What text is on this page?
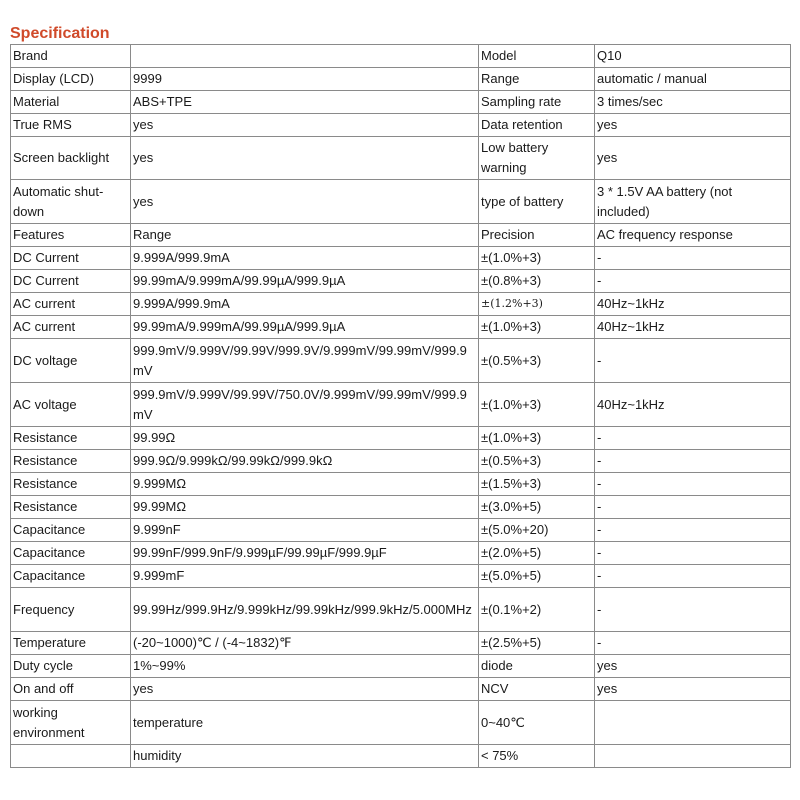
Specification
Brand		Model	Q10
Display (LCD)	9999	Range	automatic / manual
Material	ABS+TPE	Sampling rate	3 times/sec
True RMS	yes	Data retention	yes
Screen backlight	yes	Low battery warning	yes
Automatic shut-down	yes	type of battery	3 * 1.5V AA battery (not included)
Features	Range	Precision	AC frequency response
DC Current	9.999A/999.9mA	±(1.0%+3)	-
DC Current	99.99mA/9.999mA/99.99µA/999.9µA	±(0.8%+3)	-
AC current	9.999A/999.9mA	±(1.2%+3)	40Hz~1kHz
AC current	99.99mA/9.999mA/99.99µA/999.9µA	±(1.0%+3)	40Hz~1kHz
DC voltage	999.9mV/9.999V/99.99V/999.9V/9.999mV/99.99mV/999.9mV	±(0.5%+3)	-
AC voltage	999.9mV/9.999V/99.99V/750.0V/9.999mV/99.99mV/999.9mV	±(1.0%+3)	40Hz~1kHz
Resistance	99.99Ω	±(1.0%+3)	-
Resistance	999.9Ω/9.999kΩ/99.99kΩ/999.9kΩ	±(0.5%+3)	-
Resistance	9.999MΩ	±(1.5%+3)	-
Resistance	99.99MΩ	±(3.0%+5)	-
Capacitance	9.999nF	±(5.0%+20)	-
Capacitance	99.99nF/999.9nF/9.999µF/99.99µF/999.9µF	±(2.0%+5)	-
Capacitance	9.999mF	±(5.0%+5)	-
Frequency	99.99Hz/999.9Hz/9.999kHz/99.99kHz/999.9kHz/5.000MHz	±(0.1%+2)	-
Temperature	(-20~1000)℃ / (-4~1832)℉	±(2.5%+5)	-
Duty cycle	1%~99%	diode	yes
On and off	yes	NCV	yes
working environment	temperature	0~40℃	
	humidity	< 75%	
